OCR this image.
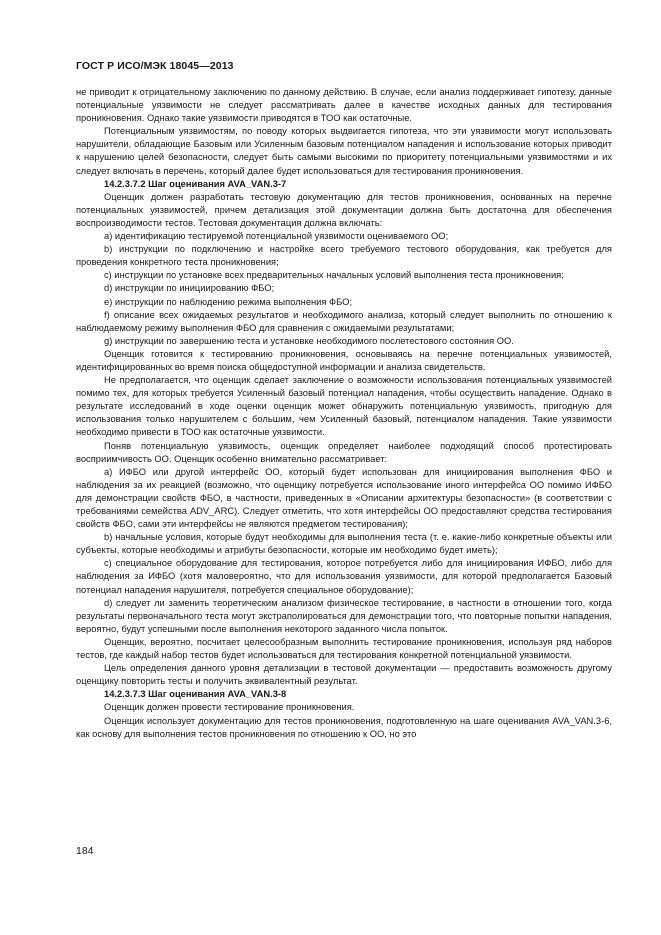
ГОСТ Р ИСО/МЭК 18045—2013

не приводит к отрицательному заключению по данному действию. В случае, если анализ поддерживает гипотезу, данные потенциальные уязвимости не следует рассматривать далее в качестве исходных данных для тестирования проникновения. Однако такие уязвимости приводятся в ТОО как остаточные.

Потенциальным уязвимостям, по поводу которых выдвигается гипотеза, что эти уязвимости могут использовать нарушители, обладающие Базовым или Усиленным базовым потенциалом нападения и использование которых приводит к нарушению целей безопасности, следует быть самыми высокими по приоритету потенциальными уязвимостями и их следует включать в перечень, который далее будет использоваться для тестирования проникновения.

14.2.3.7.2 Шаг оценивания AVA_VAN.3-7

Оценщик должен разработать тестовую документацию для тестов проникновения, основанных на перечне потенциальных уязвимостей, причем детализация этой документации должна быть достаточна для обеспечения воспроизводимости тестов. Тестовая документация должна включать:

a) идентификацию тестируемой потенциальной уязвимости оцениваемого ОО;

b) инструкции по подключению и настройке всего требуемого тестового оборудования, как требуется для проведения конкретного теста проникновения;

c) инструкции по установке всех предварительных начальных условий выполнения теста проникновения;

d) инструкции по инициированию ФБО;

e) инструкции по наблюдению режима выполнения ФБО;

f) описание всех ожидаемых результатов и необходимого анализа, который следует выполнить по отношению к наблюдаемому режиму выполнения ФБО для сравнения с ожидаемыми результатами;

g) инструкции по завершению теста и установке необходимого послетестового состояния ОО.

Оценщик готовится к тестированию проникновения, основываясь на перечне потенциальных уязвимостей, идентифицированных во время поиска общедоступной информации и анализа свидетельств.

Не предполагается, что оценщик сделает заключение о возможности использования потенциальных уязвимостей помимо тех, для которых требуется Усиленный базовый потенциал нападения, чтобы осуществить нападение. Однако в результате исследований в ходе оценки оценщик может обнаружить потенциальную уязвимость, пригодную для использования только нарушителем с большим, чем Усиленный базовый, потенциалом нападения. Такие уязвимости необходимо привести в ТОО как остаточные уязвимости.

Поняв потенциальную уязвимость, оценщик определяет наиболее подходящий способ протестировать восприимчивость ОО. Оценщик особенно внимательно рассматривает:

a) ИФБО или другой интерфейс ОО, который будет использован для инициирования выполнения ФБО и наблюдения за их реакцией (возможно, что оценщику потребуется использование иного интерфейса ОО помимо ИФБО для демонстрации свойств ФБО, в частности, приведенных в «Описании архитектуры безопасности» (в соответствии с требованиями семейства ADV_ARC). Следует отметить, что хотя интерфейсы ОО предоставляют средства тестирования свойств ФБО, сами эти интерфейсы не являются предметом тестирования);

b) начальные условия, которые будут необходимы для выполнения теста (т. е. какие-либо конкретные объекты или субъекты, которые необходимы и атрибуты безопасности, которые им необходимо будет иметь);

c) специальное оборудование для тестирования, которое потребуется либо для инициирования ИФБО, либо для наблюдения за ИФБО (хотя маловероятно, что для использования уязвимости, для которой предполагается Базовый потенциал нападения нарушителя, потребуется специальное оборудование);

d) следует ли заменить теоретическим анализом физическое тестирование, в частности в отношении того, когда результаты первоначального теста могут экстраполироваться для демонстрации того, что повторные попытки нападения, вероятно, будут успешными после выполнения некоторого заданного числа попыток.

Оценщик, вероятно, посчитает целесообразным выполнить тестирование проникновения, используя ряд наборов тестов, где каждый набор тестов будет использоваться для тестирования конкретной потенциальной уязвимости.

Цель определения данного уровня детализации в тестовой документации — предоставить возможность другому оценщику повторить тесты и получить эквивалентный результат.

14.2.3.7.3 Шаг оценивания AVA_VAN.3-8

Оценщик должен провести тестирование проникновения.

Оценщик использует документацию для тестов проникновения, подготовленную на шаге оценивания AVA_VAN.3-6, как основу для выполнения тестов проникновения по отношению к ОО, но это

184
